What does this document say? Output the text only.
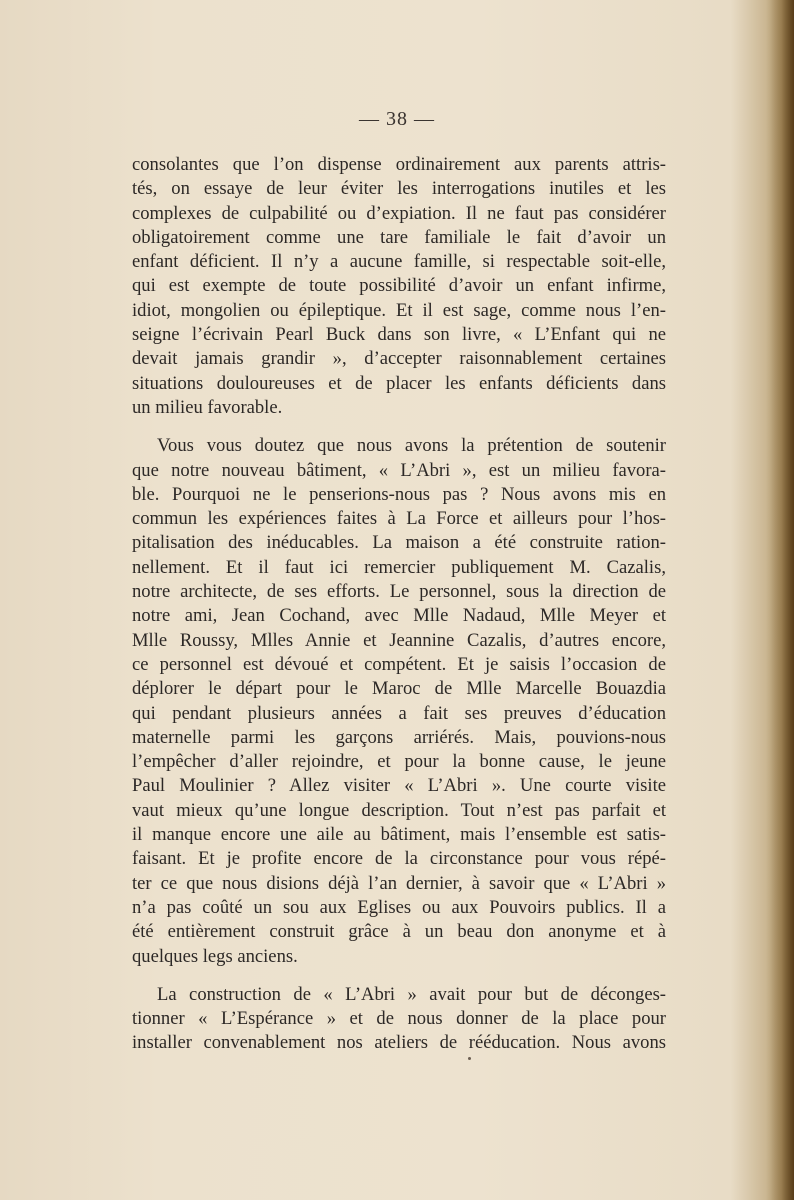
— 38 —

consolantes que l’on dispense ordinairement aux parents attris-
tés, on essaye de leur éviter les interrogations inutiles et les
complexes de culpabilité ou d’expiation. Il ne faut pas considérer
obligatoirement comme une tare familiale le fait d’avoir un
enfant déficient. Il n’y a aucune famille, si respectable soit-elle,
qui est exempte de toute possibilité d’avoir un enfant infirme,
idiot, mongolien ou épileptique. Et il est sage, comme nous l’en-
seigne l’écrivain Pearl Buck dans son livre, « L’Enfant qui ne
devait jamais grandir », d’accepter raisonnablement certaines
situations douloureuses et de placer les enfants déficients dans
un milieu favorable.

Vous vous doutez que nous avons la prétention de soutenir
que notre nouveau bâtiment, « L’Abri », est un milieu favora-
ble. Pourquoi ne le penserions-nous pas ? Nous avons mis en
commun les expériences faites à La Force et ailleurs pour l’hos-
pitalisation des inéducables. La maison a été construite ration-
nellement. Et il faut ici remercier publiquement M. Cazalis,
notre architecte, de ses efforts. Le personnel, sous la direction de
notre ami, Jean Cochand, avec Mlle Nadaud, Mlle Meyer et
Mlle Roussy, Mlles Annie et Jeannine Cazalis, d’autres encore,
ce personnel est dévoué et compétent. Et je saisis l’occasion de
déplorer le départ pour le Maroc de Mlle Marcelle Bouazdia
qui pendant plusieurs années a fait ses preuves d’éducation
maternelle parmi les garçons arriérés. Mais, pouvions-nous
l’empêcher d’aller rejoindre, et pour la bonne cause, le jeune
Paul Moulinier ? Allez visiter « L’Abri ». Une courte visite
vaut mieux qu’une longue description. Tout n’est pas parfait et
il manque encore une aile au bâtiment, mais l’ensemble est satis-
faisant. Et je profite encore de la circonstance pour vous répé-
ter ce que nous disions déjà l’an dernier, à savoir que « L’Abri »
n’a pas coûté un sou aux Eglises ou aux Pouvoirs publics. Il a
été entièrement construit grâce à un beau don anonyme et à
quelques legs anciens.

La construction de « L’Abri » avait pour but de déconges-
tionner « L’Espérance » et de nous donner de la place pour
installer convenablement nos ateliers de rééducation. Nous avons
